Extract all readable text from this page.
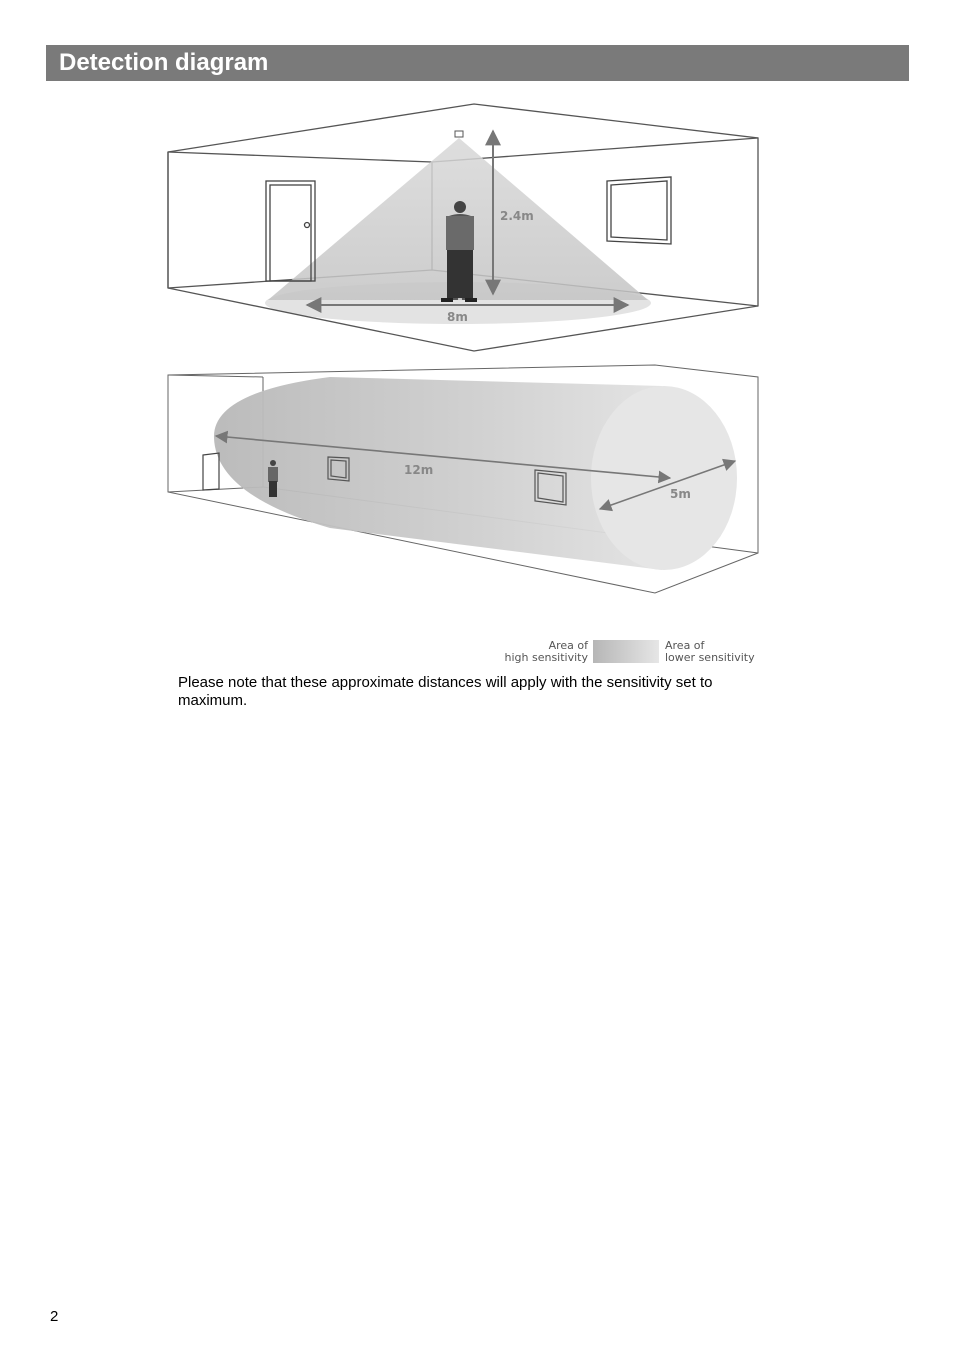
Detection diagram
2.4m
8m
12m
5m
Area of
high sensitivity
Area of
lower sensitivity
Please note that these approximate distances will apply with the sensitivity set to maximum.
2
